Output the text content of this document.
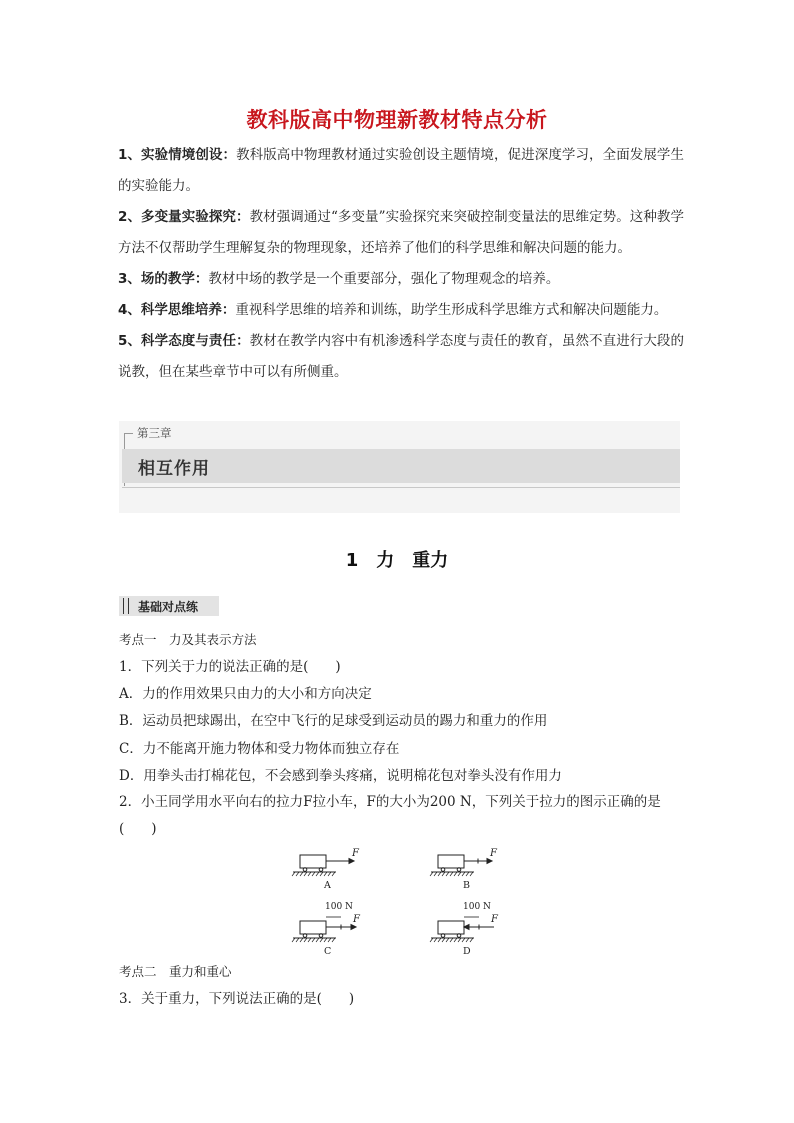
教科版高中物理新教材特点分析

1、实验情境创设：教科版高中物理教材通过实验创设主题情境，促进深度学习，全面发展学生的实验能力。

2、多变量实验探究：教材强调通过“多变量”实验探究来突破控制变量法的思维定势。这种教学方法不仅帮助学生理解复杂的物理现象，还培养了他们的科学思维和解决问题的能力。

3、场的教学：教材中场的教学是一个重要部分，强化了物理观念的培养。

4、科学思维培养：重视科学思维的培养和训练，助学生形成科学思维方式和解决问题能力。

5、科学态度与责任：教材在教学内容中有机渗透科学态度与责任的教育，虽然不直进行大段的说教，但在某些章节中可以有所侧重。

第三章
相互作用
1　力　重力
基础对点练
考点一　力及其表示方法
1．下列关于力的说法正确的是(　　)
A．力的作用效果只由力的大小和方向决定
B．运动员把球踢出，在空中飞行的足球受到运动员的踢力和重力的作用
C．力不能离开施力物体和受力物体而独立存在
D．用拳头击打棉花包，不会感到拳头疼痛，说明棉花包对拳头没有作用力
2．小王同学用水平向右的拉力F拉小车，F的大小为200 N，下列关于拉力的图示正确的是(　　)
F	F
F	F
100 N	100 N
A	B
C	D
考点二　重力和重心
3．关于重力，下列说法正确的是(　　)
